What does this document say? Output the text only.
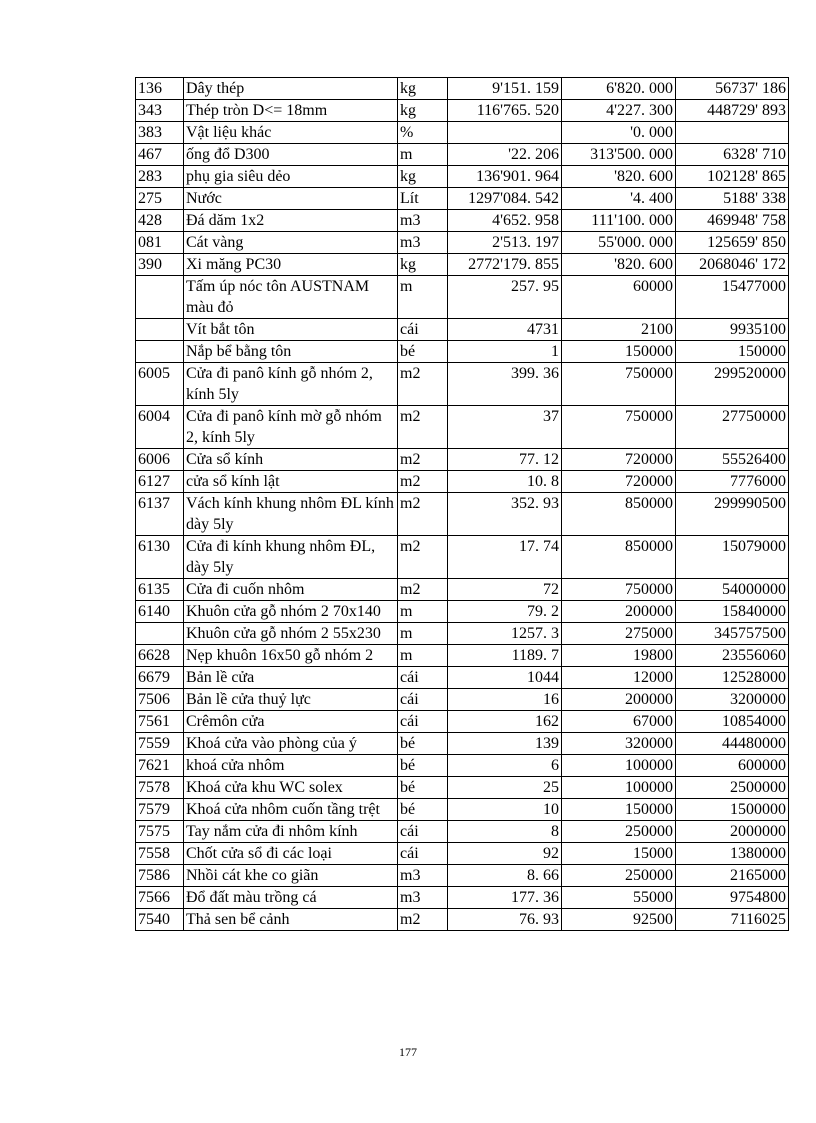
136	Dây thép	kg	9'151. 159	6'820. 000	56737' 186
343	Thép tròn D<= 18mm	kg	116'765. 520	4'227. 300	448729' 893
383	Vật liệu khác	%		'0. 000	
467	ống đổ D300	m	'22. 206	313'500. 000	6328' 710
283	phụ gia siêu dẻo	kg	136'901. 964	'820. 600	102128' 865
275	Nước	Lít	1297'084. 542	'4. 400	5188' 338
428	Đá dăm 1x2	m3	4'652. 958	111'100. 000	469948' 758
081	Cát vàng	m3	2'513. 197	55'000. 000	125659' 850
390	Xi măng PC30	kg	2772'179. 855	'820. 600	2068046' 172
	Tấm úp nóc tôn AUSTNAM màu đỏ	m	257. 95	60000	15477000
	Vít bắt tôn	cái	4731	2100	9935100
	Nắp bể bằng tôn	bé	1	150000	150000
6005	Cửa đi panô kính gỗ nhóm 2, kính 5ly	m2	399. 36	750000	299520000
6004	Cửa đi panô kính mờ gỗ nhóm 2, kính 5ly	m2	37	750000	27750000
6006	Cửa sổ kính	m2	77. 12	720000	55526400
6127	cửa sổ kính lật	m2	10. 8	720000	7776000
6137	Vách kính khung nhôm ĐL kính dày 5ly	m2	352. 93	850000	299990500
6130	Cửa đi kính khung nhôm ĐL, dày 5ly	m2	17. 74	850000	15079000
6135	Cửa đi cuốn nhôm	m2	72	750000	54000000
6140	Khuôn cửa gỗ nhóm 2 70x140	m	79. 2	200000	15840000
	Khuôn cửa gỗ nhóm 2 55x230	m	1257. 3	275000	345757500
6628	Nẹp khuôn 16x50 gỗ nhóm 2	m	1189. 7	19800	23556060
6679	Bản lề cửa	cái	1044	12000	12528000
7506	Bản lề cửa thuỷ lực	cái	16	200000	3200000
7561	Crêmôn cửa	cái	162	67000	10854000
7559	Khoá cửa vào phòng của ý	bé	139	320000	44480000
7621	khoá cửa nhôm	bé	6	100000	600000
7578	Khoá cửa khu WC solex	bé	25	100000	2500000
7579	Khoá cửa nhôm cuốn tầng trệt	bé	10	150000	1500000
7575	Tay nắm cửa đi nhôm kính	cái	8	250000	2000000
7558	Chốt cửa sổ đi các loại	cái	92	15000	1380000
7586	Nhồi cát khe co giãn	m3	8. 66	250000	2165000
7566	Đổ đất màu trồng cá	m3	177. 36	55000	9754800
7540	Thả sen bể cảnh	m2	76. 93	92500	7116025
177
